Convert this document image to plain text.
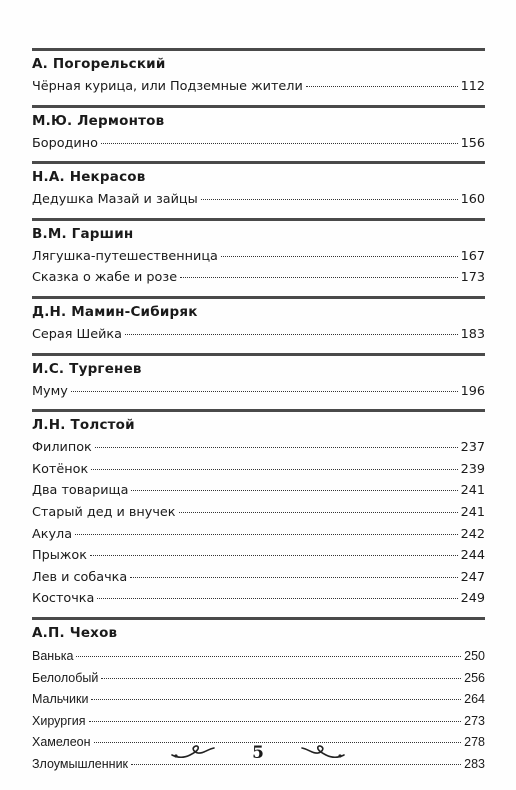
А. Погорельский
Чёрная курица, или Подземные жители	112
М.Ю. Лермонтов
Бородино	156
Н.А. Некрасов
Дедушка Мазай и зайцы	160
В.М. Гаршин
Лягушка-путешественница	167
Сказка о жабе и розе	173
Д.Н. Мамин-Сибиряк
Серая Шейка	183
И.С. Тургенев
Муму	196
Л.Н. Толстой
Филипок	237
Котёнок	239
Два товарища	241
Старый дед и внучек	241
Акула	242
Прыжок	244
Лев и собачка	247
Косточка	249
А.П. Чехов
Ванька	250
Белолобый	256
Мальчики	264
Хирургия	273
Хамелеон	278
Злоумышленник	283
5
